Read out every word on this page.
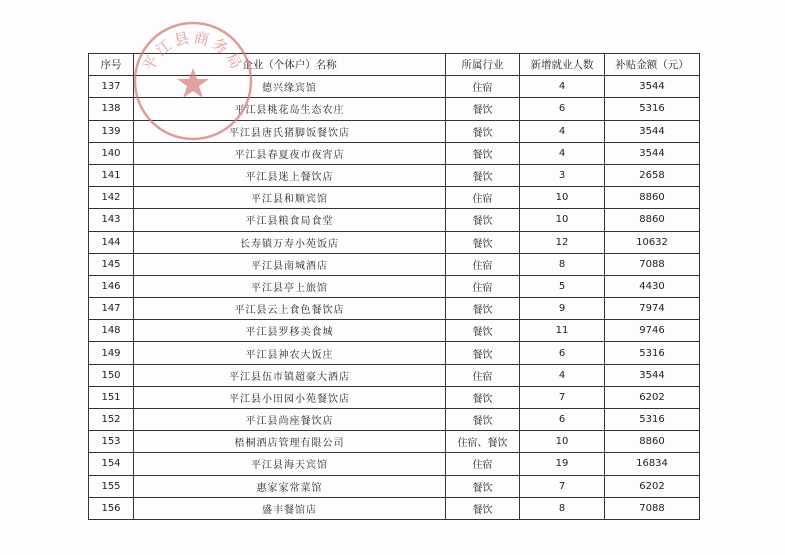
序号	企业（个体户）名称	所属行业	新增就业人数	补贴金额（元）
137	德兴缘宾馆	住宿	4	3544
138	平江县桃花岛生态农庄	餐饮	6	5316
139	平江县唐氏猪脚饭餐饮店	餐饮	4	3544
140	平江县春夏夜市夜宵店	餐饮	4	3544
141	平江县迷上餐饮店	餐饮	3	2658
142	平江县和顺宾馆	住宿	10	8860
143	平江县粮食局食堂	餐饮	10	8860
144	长寿镇万寿小苑饭店	餐饮	12	10632
145	平江县南城酒店	住宿	8	7088
146	平江县亭上旅馆	住宿	5	4430
147	平江县云上食色餐饮店	餐饮	9	7974
148	平江县罗移美食城	餐饮	11	9746
149	平江县神农大饭庄	餐饮	6	5316
150	平江县伍市镇超豪大酒店	住宿	4	3544
151	平江县小田园小苑餐饮店	餐饮	7	6202
152	平江县尚座餐饮店	餐饮	6	5316
153	梧桐酒店管理有限公司	住宿、餐饮	10	8860
154	平江县海天宾馆	住宿	19	16834
155	惠家家常菜馆	餐饮	7	6202
156	盛丰餐馆店	餐饮	8	7088
平江县商务局
